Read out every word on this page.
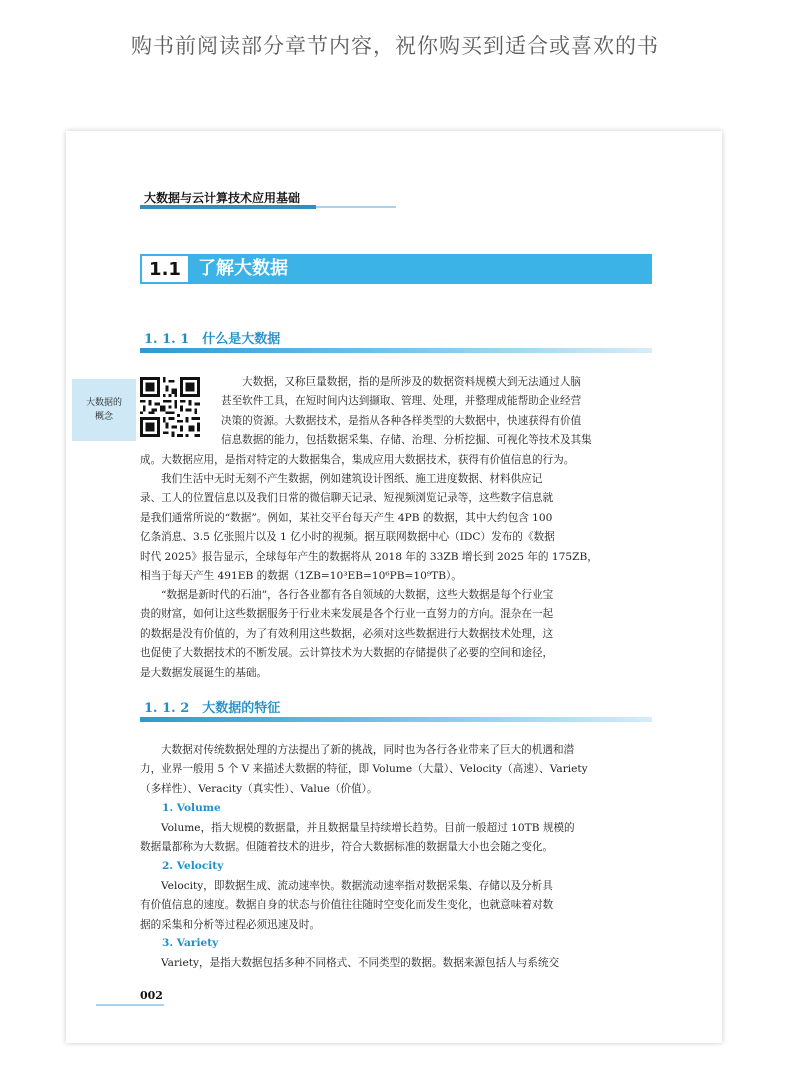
购书前阅读部分章节内容，祝你购买到适合或喜欢的书
大数据与云计算技术应用基础
1.1 了解大数据
1. 1. 1　什么是大数据
大数据的
概念
大数据，又称巨量数据，指的是所涉及的数据资料规模大到无法通过人脑
甚至软件工具，在短时间内达到撷取、管理、处理，并整理成能帮助企业经营
决策的资源。大数据技术，是指从各种各样类型的大数据中，快速获得有价值
信息数据的能力，包括数据采集、存储、治理、分析挖掘、可视化等技术及其集
成。大数据应用，是指对特定的大数据集合，集成应用大数据技术，获得有价值信息的行为。
我们生活中无时无刻不产生数据，例如建筑设计图纸、施工进度数据、材料供应记
录、工人的位置信息以及我们日常的微信聊天记录、短视频浏览记录等，这些数字信息就
是我们通常所说的“数据”。例如，某社交平台每天产生 4PB 的数据，其中大约包含 100
亿条消息、3.5 亿张照片以及 1 亿小时的视频。据互联网数据中心（IDC）发布的《数据
时代 2025》报告显示，全球每年产生的数据将从 2018 年的 33ZB 增长到 2025 年的 175ZB，
相当于每天产生 491EB 的数据（1ZB=10³EB=10⁶PB=10⁹TB）。
“数据是新时代的石油”，各行各业都有各自领域的大数据，这些大数据是每个行业宝
贵的财富，如何让这些数据服务于行业未来发展是各个行业一直努力的方向。混杂在一起
的数据是没有价值的，为了有效利用这些数据，必须对这些数据进行大数据技术处理，这
也促使了大数据技术的不断发展。云计算技术为大数据的存储提供了必要的空间和途径，
是大数据发展诞生的基础。
1. 1. 2　大数据的特征
大数据对传统数据处理的方法提出了新的挑战，同时也为各行各业带来了巨大的机遇和潜
力，业界一般用 5 个 V 来描述大数据的特征，即 Volume（大量）、Velocity（高速）、Variety
（多样性）、Veracity（真实性）、Value（价值）。
1. Volume
Volume，指大规模的数据量，并且数据量呈持续增长趋势。目前一般超过 10TB 规模的
数据量都称为大数据。但随着技术的进步，符合大数据标准的数据量大小也会随之变化。
2. Velocity
Velocity，即数据生成、流动速率快。数据流动速率指对数据采集、存储以及分析具
有价值信息的速度。数据自身的状态与价值往往随时空变化而发生变化，也就意味着对数
据的采集和分析等过程必须迅速及时。
3. Variety
Variety，是指大数据包括多种不同格式、不同类型的数据。数据来源包括人与系统交
002
